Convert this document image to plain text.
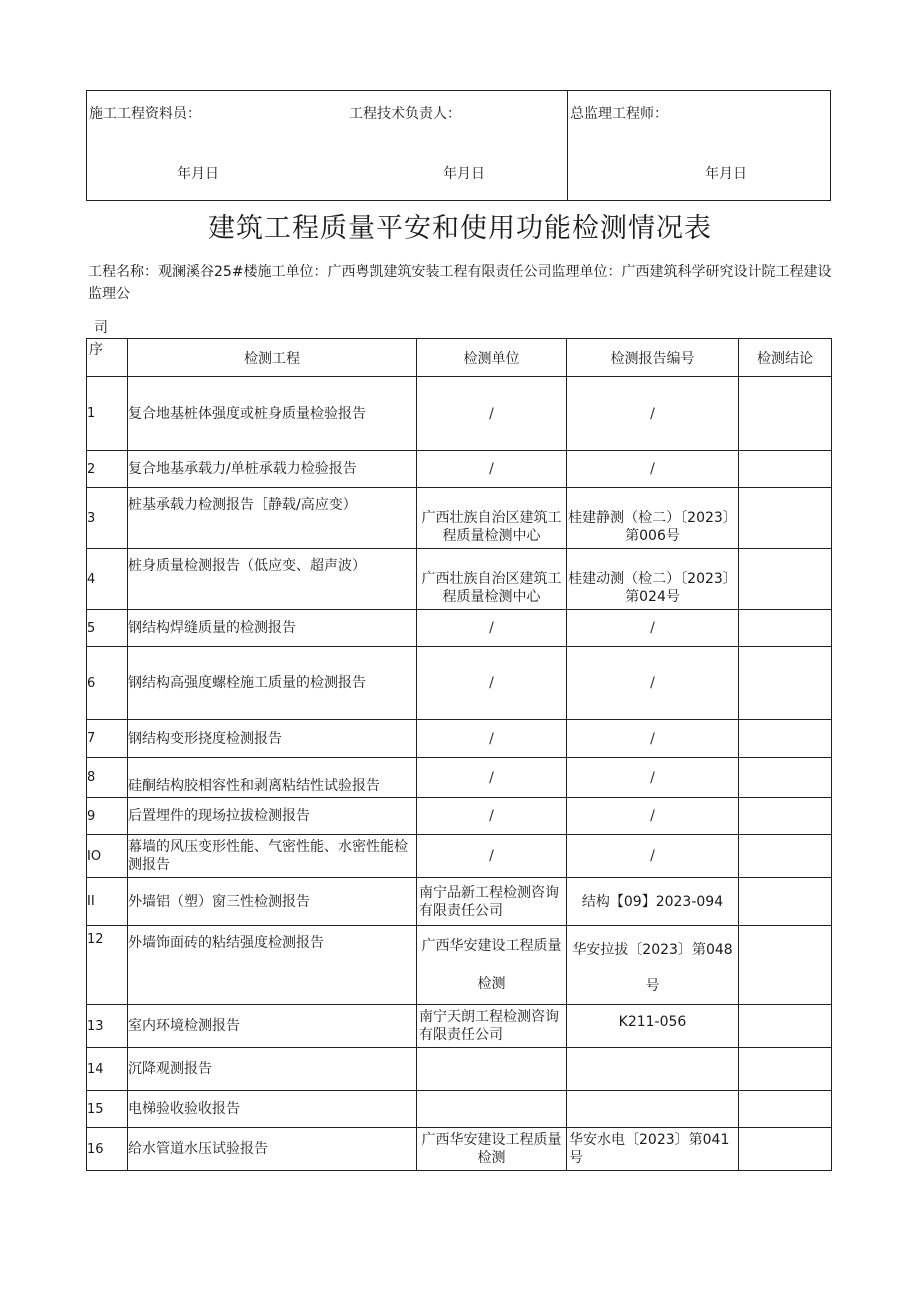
施工工程资料员：
年月日
工程技术负责人：
年月日
总监理工程师：
年月日
建筑工程质量平安和使用功能检测情况表
工程名称：观澜溪谷25#楼施工单位：广西粤凯建筑安装工程有限责任公司监理单位：广西建筑科学研究设计院工程建设监理公
司
序	检测工程	检测单位	检测报告编号	检测结论
1	复合地基桩体强度或桩身质量检验报告	/	/	
2	复合地基承载力/单桩承载力检验报告	/	/	
3	桩基承载力检测报告［静载/高应变）	广西壮族自治区建筑工程质量检测中心	桂建静测（检二）〔2023〕第006号	
4	桩身质量检测报告（低应变、超声波）	广西壮族自治区建筑工程质量检测中心	桂建动测（检二）〔2023〕第024号	
5	钢结构焊缝质量的检测报告	/	/	
6	钢结构高强度螺栓施工质量的检测报告	/	/	
7	钢结构变形挠度检测报告	/	/	
8	硅酮结构胶相容性和剥离粘结性试验报告	/	/	
9	后置埋件的现场拉拔检测报告	/	/	
IO	幕墙的风压变形性能、气密性能、水密性能检测报告	/	/	
II	外墙铝（塑）窗三性检测报告	南宁品新工程检测咨询有限责任公司	结构【09】2023-094	
12	外墙饰面砖的粘结强度检测报告	广西华安建设工程质量检测	华安拉拔〔2023〕第048号	
13	室内环境检测报告	南宁天朗工程检测咨询有限责任公司	K211-056	
14	沉降观测报告			
15	电梯验收验收报告			
16	给水管道水压试验报告	广西华安建设工程质量检测	华安水电〔2023〕第041号	
